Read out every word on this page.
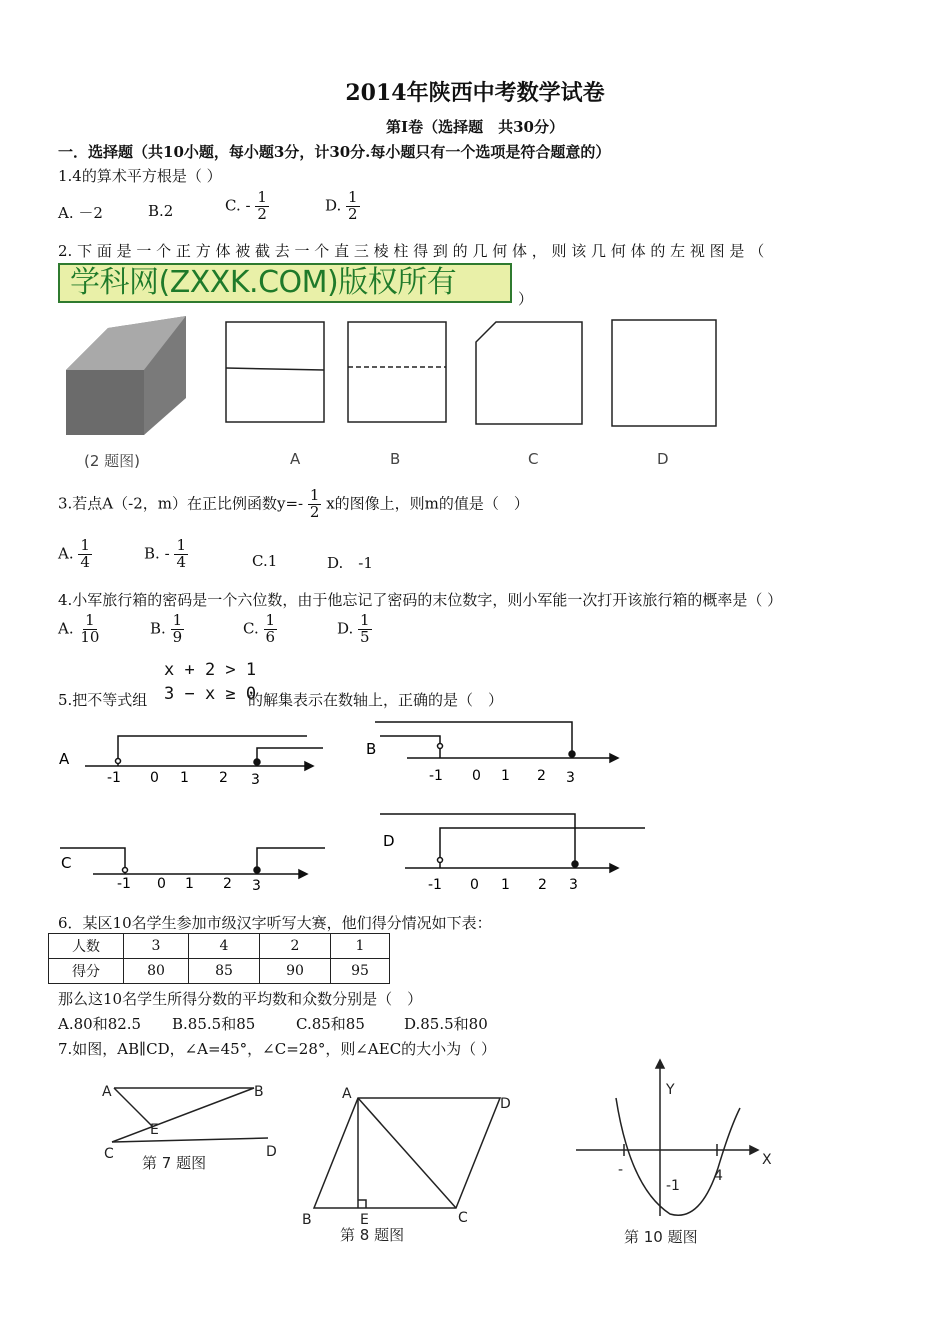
2014年陕西中考数学试卷
第Ⅰ卷（选择题　共30分）
一．选择题（共10小题，每小题3分，计30分.每小题只有一个选项是符合题意的）
1.4的算术平方根是（ ）
A. －2	B.2	C. - $\frac{1}{2}$	D. $\frac{1}{2}$
2. 下 面 是 一 个 正 方 体 被 截 去 一 个 直 三 棱 柱 得 到 的 几 何 体 ， 则 该 几 何 体 的 左 视 图 是 （
学科网(ZXXK.COM)版权所有	）
(2 题图)	A	B	C	D
3.若点A（-2，m）在正比例函数$y=- \frac{1}{2}$ x的图像上，则m的值是（　）
A. $\frac{1}{4}$	B. - $\frac{1}{4}$	C.1	D.　-1
4.小军旅行箱的密码是一个六位数，由于他忘记了密码的末位数字，则小军能一次打开该旅行箱的概率是（ ）
A. $\frac{1}{10}$	B. $\frac{1}{9}$	C. $\frac{1}{6}$	D. $\frac{1}{5}$
5.把不等式组
x + 2 > 1
3 − x ≥ 0
的解集表示在数轴上，正确的是（　）
A
-1 0 1 2 3
B
-1 0 1 2 3
C
-1 0 1 2 3
D
-1 0 1 2 3
6．某区10名学生参加市级汉字听写大赛，他们得分情况如下表：
人数	3	4	2	1
得分	80	85	90	95
那么这10名学生所得分数的平均数和众数分别是（　）
A.80和82.5 B.85.5和85	C.85和85	D.85.5和80
7.如图，AB∥CD，∠A=45°，∠C=28°，则∠AEC的大小为（ ）
A	B
C	D
E
第 7 题图
A
D
B	E	C
第 8 题图
Y
X
-	4
-1
第 10 题图
